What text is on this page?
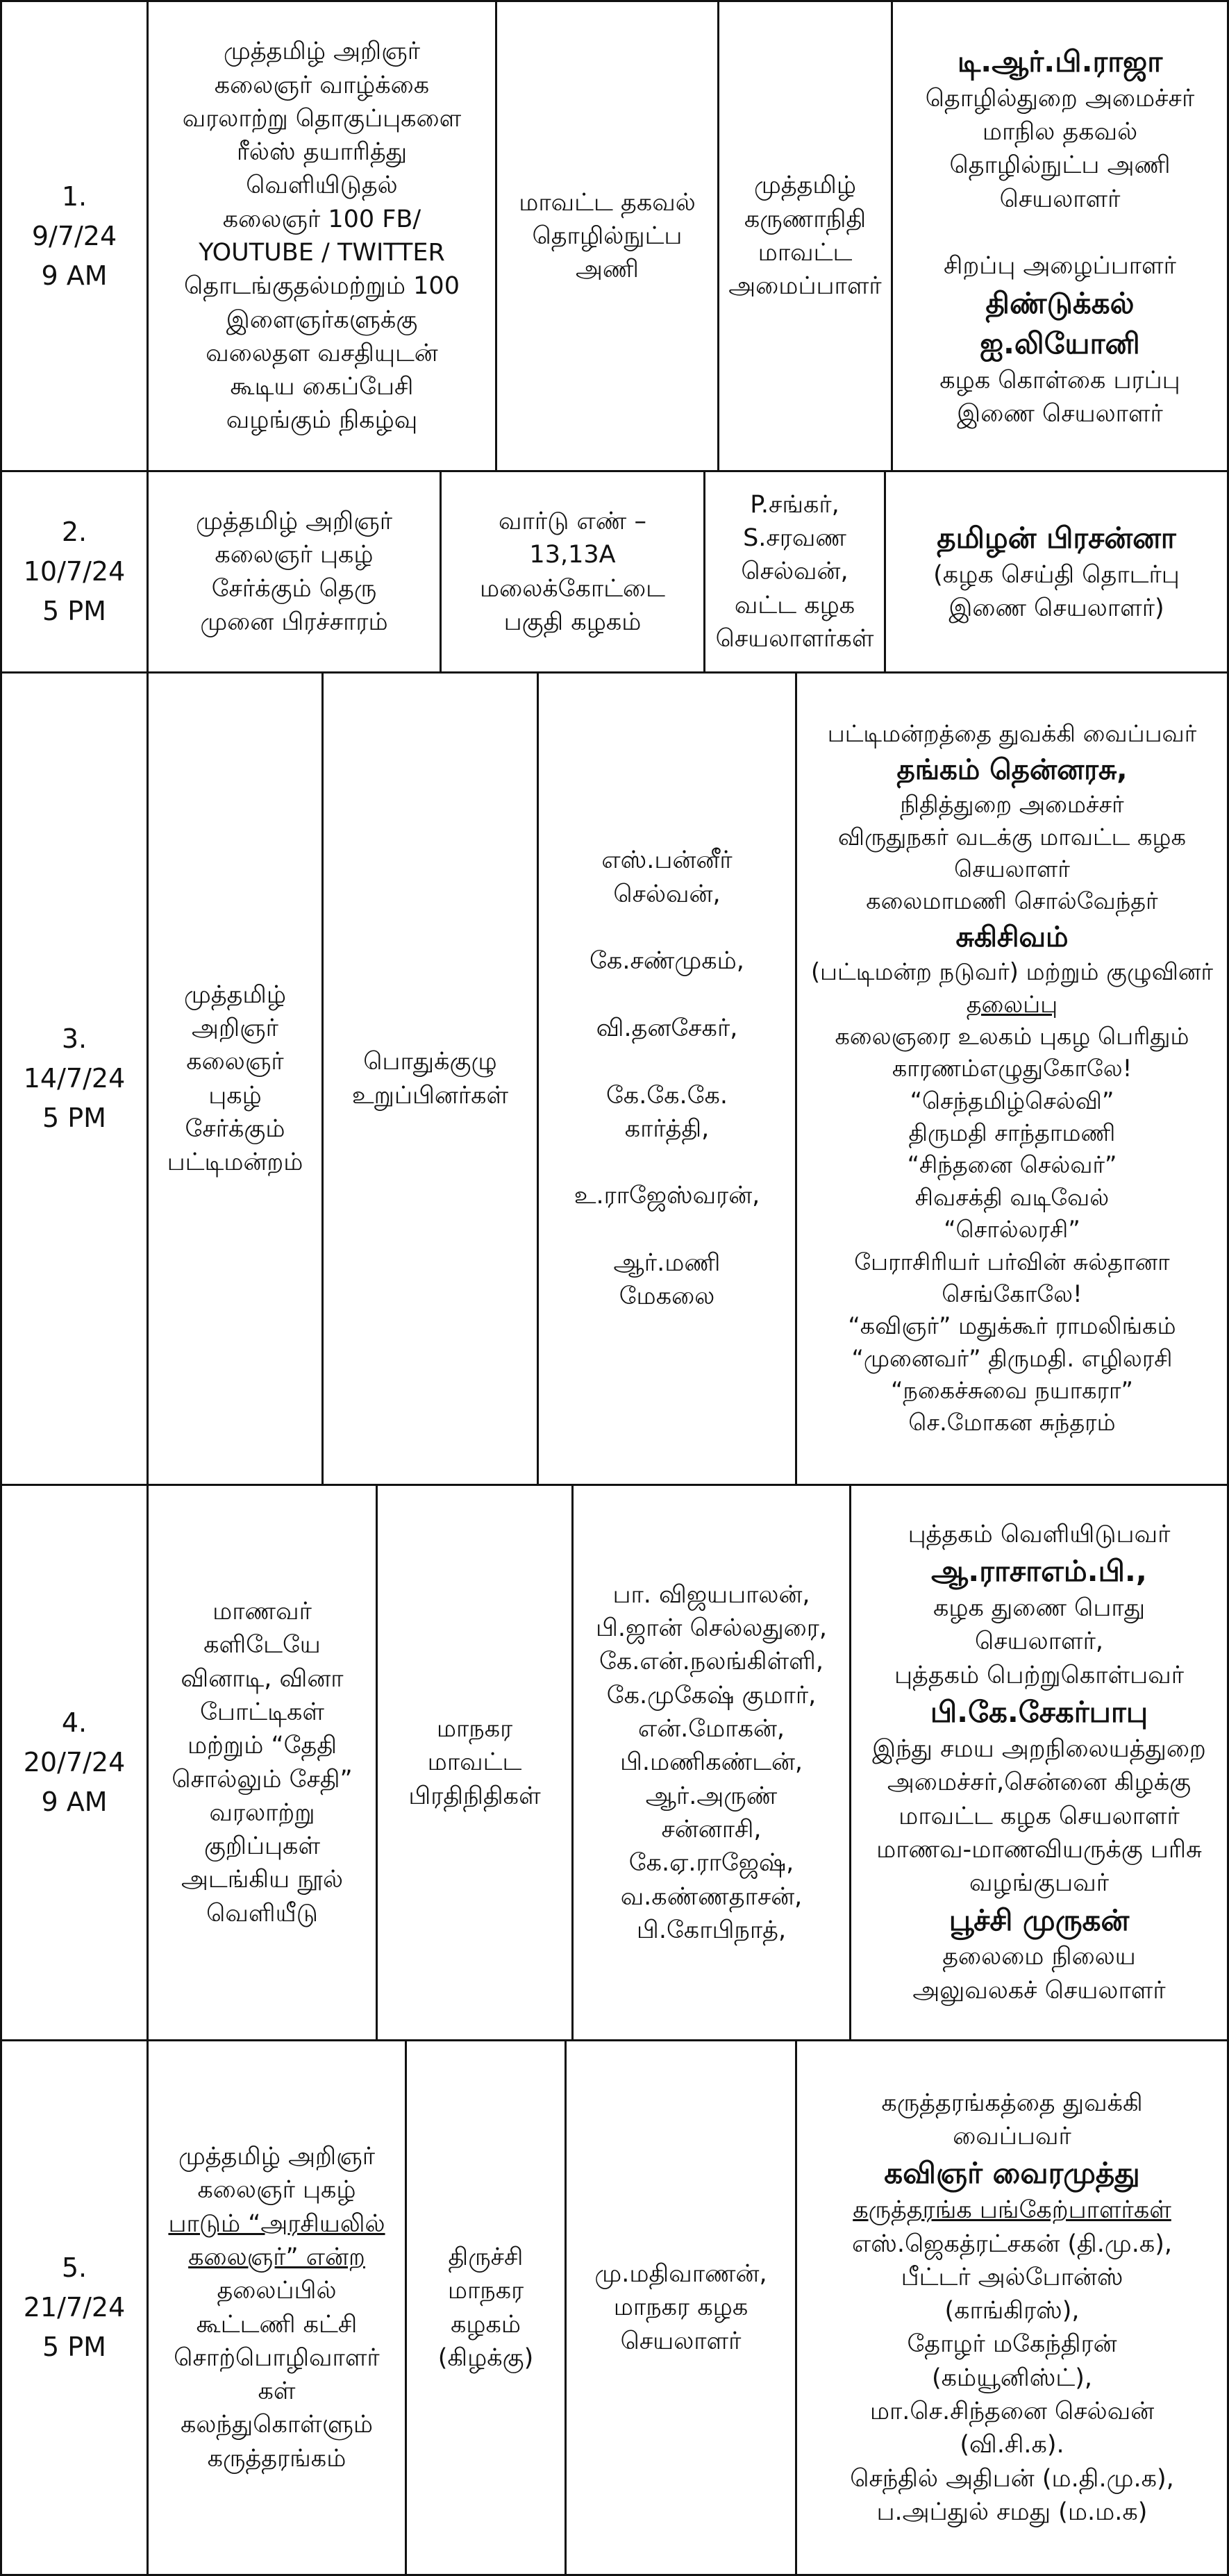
1.
9/7/24
9 AM
முத்தமிழ் அறிஞர்
கலைஞர் வாழ்க்கை
வரலாற்று தொகுப்புகளை
ரீல்ஸ் தயாரித்து
வெளியிடுதல்
கலைஞர் 100 FB/
YOUTUBE / TWITTER
தொடங்குதல்மற்றும் 100
இளைஞர்களுக்கு
வலைதள வசதியுடன்
கூடிய கைப்பேசி
வழங்கும் நிகழ்வு
மாவட்ட தகவல்
தொழில்நுட்ப
அணி
முத்தமிழ்
கருணாநிதி
மாவட்ட
அமைப்பாளர்
டி.ஆர்.பி.ராஜா
தொழில்துறை அமைச்சர்
மாநில தகவல்
தொழில்நுட்ப அணி
செயலாளர்

சிறப்பு அழைப்பாளர்
திண்டுக்கல்
ஐ.லியோனி
கழக கொள்கை பரப்பு
இணை செயலாளர்
2.
10/7/24
5 PM
முத்தமிழ் அறிஞர்
கலைஞர் புகழ்
சேர்க்கும் தெரு
முனை பிரச்சாரம்
வார்டு எண் –
13,13A
மலைக்கோட்டை
பகுதி கழகம்
P.சங்கர்,
S.சரவண
செல்வன்,
வட்ட கழக
செயலாளர்கள்
தமிழன் பிரசன்னா
(கழக செய்தி தொடர்பு
இணை செயலாளர்)
3.
14/7/24
5 PM
முத்தமிழ்
அறிஞர்
கலைஞர்
புகழ்
சேர்க்கும்
பட்டிமன்றம்
பொதுக்குழு
உறுப்பினர்கள்
எஸ்.பன்னீர்
செல்வன்,

கே.சண்முகம்,

வி.தனசேகர்,

கே.கே.கே.
கார்த்தி,

உ.ராஜேஸ்வரன்,

ஆர்.மணி
மேகலை
பட்டிமன்றத்தை துவக்கி வைப்பவர்
தங்கம் தென்னரசு,
நிதித்துறை அமைச்சர்
விருதுநகர் வடக்கு மாவட்ட கழக
செயலாளர்
கலைமாமணி சொல்வேந்தர்
சுகிசிவம்
(பட்டிமன்ற நடுவர்) மற்றும் குழுவினர்
தலைப்பு
கலைஞரை உலகம் புகழ பெரிதும்
காரணம்எழுதுகோலே!
“செந்தமிழ்செல்வி”
திருமதி சாந்தாமணி
“சிந்தனை செல்வர்”
சிவசக்தி வடிவேல்
“சொல்லரசி”
பேராசிரியர் பர்வின் சுல்தானா
செங்கோலே!
“கவிஞர்” மதுக்கூர் ராமலிங்கம்
“முனைவர்” திருமதி. எழிலரசி
“நகைச்சுவை நயாகரா”
செ.மோகன சுந்தரம்
4.
20/7/24
9 AM
மாணவர்
களிடேயே
வினாடி, வினா
போட்டிகள்
மற்றும் “தேதி
சொல்லும் சேதி”
வரலாற்று
குறிப்புகள்
அடங்கிய நூல்
வெளியீடு
மாநகர
மாவட்ட
பிரதிநிதிகள்
பா. விஜயபாலன்,
பி.ஜான் செல்லதுரை,
கே.என்.நலங்கிள்ளி,
கே.முகேஷ் குமார்,
என்.மோகன்,
பி.மணிகண்டன்,
ஆர்.அருண்
சன்னாசி,
கே.ஏ.ராஜேஷ்,
வ.கண்ணதாசன்,
பி.கோபிநாத்,
புத்தகம் வெளியிடுபவர்
ஆ.ராசாஎம்.பி.,
கழக துணை பொது
செயலாளர்,
புத்தகம் பெற்றுகொள்பவர்
பி.கே.சேகர்பாபு
இந்து சமய அறநிலையத்துறை
அமைச்சர்,சென்னை கிழக்கு
மாவட்ட கழக செயலாளர்
மாணவ-மாணவியருக்கு பரிசு
வழங்குபவர்
பூச்சி முருகன்
தலைமை நிலைய
அலுவலகச் செயலாளர்
5.
21/7/24
5 PM
முத்தமிழ் அறிஞர்
கலைஞர் புகழ்
பாடும் “அரசியலில்
கலைஞர்” என்ற
தலைப்பில்
கூட்டணி கட்சி
சொற்பொழிவாளர்
கள்
கலந்துகொள்ளும்
கருத்தரங்கம்
திருச்சி
மாநகர
கழகம்
(கிழக்கு)
மு.மதிவாணன்,
மாநகர கழக
செயலாளர்
கருத்தரங்கத்தை துவக்கி
வைப்பவர்
கவிஞர் வைரமுத்து
கருத்தரங்க பங்கேற்பாளர்கள்
எஸ்.ஜெகத்ரட்சகன் (தி.மு.க),
பீட்டர் அல்போன்ஸ்
(காங்கிரஸ்),
தோழர் மகேந்திரன்
(கம்யூனிஸ்ட்),
மா.செ.சிந்தனை செல்வன்
(வி.சி.க).
செந்தில் அதிபன் (ம.தி.மு.க),
ப.அப்துல் சமது (ம.ம.க)
